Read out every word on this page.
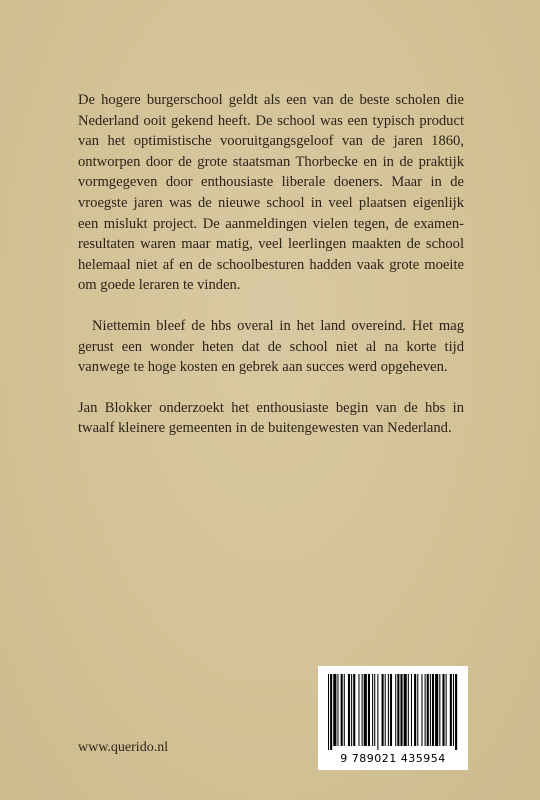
De hogere burgerschool geldt als een van de beste scholen die Nederland ooit gekend heeft. De school was een typisch product van het optimistische vooruitgangsgeloof van de jaren 1860, ontworpen door de grote staatsman Thorbecke en in de praktijk vormgegeven door enthousiaste liberale doeners. Maar in de vroegste jaren was de nieuwe school in veel plaatsen eigenlijk een mislukt project. De aanmeldingen vielen tegen, de examen-resultaten waren maar matig, veel leerlingen maakten de school helemaal niet af en de schoolbesturen hadden vaak grote moeite om goede leraren te vinden.

Niettemin bleef de hbs overal in het land overeind. Het mag gerust een wonder heten dat de school niet al na korte tijd vanwege te hoge kosten en gebrek aan succes werd opgeheven.

Jan Blokker onderzoekt het enthousiaste begin van de hbs in twaalf kleinere gemeenten in de buitengewesten van Nederland.

www.querido.nl
9 789021 435954
